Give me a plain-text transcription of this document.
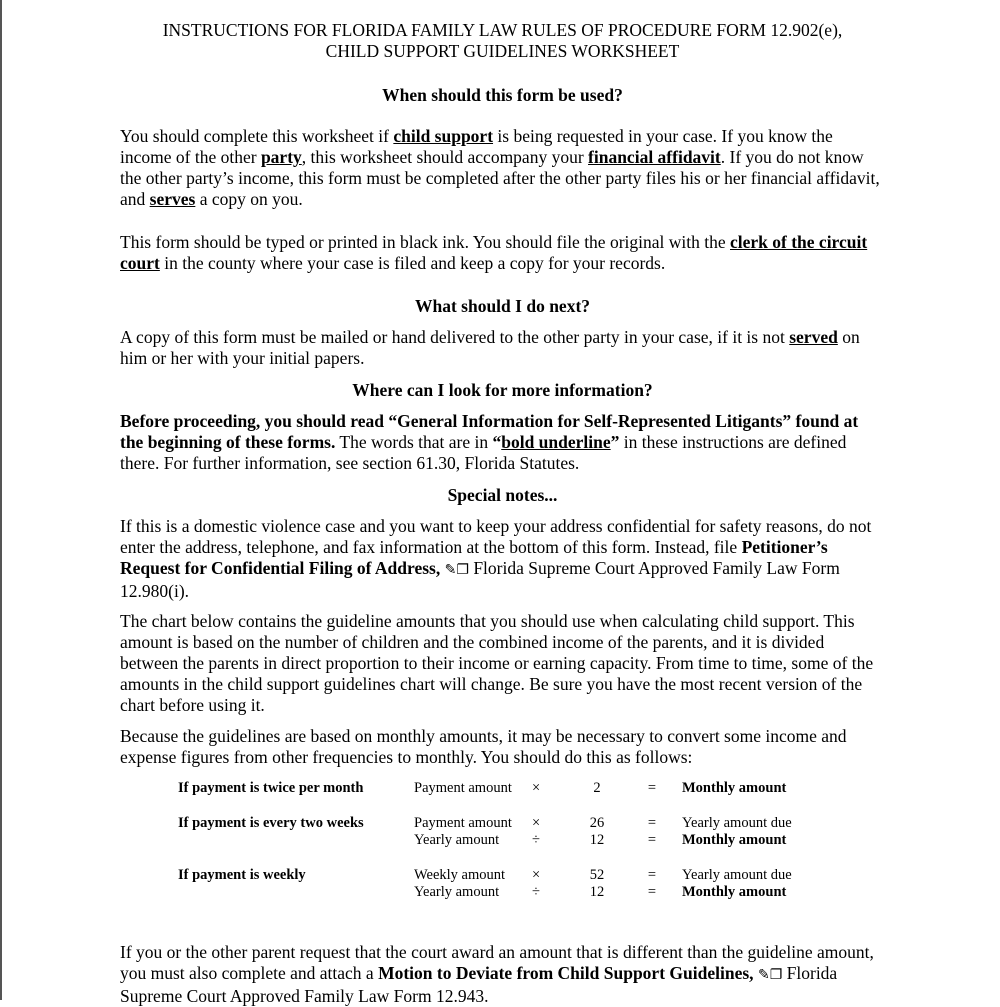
INSTRUCTIONS FOR FLORIDA FAMILY LAW RULES OF PROCEDURE FORM 12.902(e),
CHILD SUPPORT GUIDELINES WORKSHEET
When should this form be used?

You should complete this worksheet if child support is being requested in your case. If you know the income of the other party, this worksheet should accompany your financial affidavit. If you do not know the other party’s income, this form must be completed after the other party files his or her financial affidavit, and serves a copy on you.

This form should be typed or printed in black ink. You should file the original with the clerk of the circuit court in the county where your case is filed and keep a copy for your records.

What should I do next?

A copy of this form must be mailed or hand delivered to the other party in your case, if it is not served on him or her with your initial papers.

Where can I look for more information?

Before proceeding, you should read “General Information for Self-Represented Litigants” found at the beginning of these forms. The words that are in “bold underline” in these instructions are defined there. For further information, see section 61.30, Florida Statutes.

Special notes...

If this is a domestic violence case and you want to keep your address confidential for safety reasons, do not enter the address, telephone, and fax information at the bottom of this form. Instead, file Petitioner’s Request for Confidential Filing of Address, ✎❐ Florida Supreme Court Approved Family Law Form 12.980(i).

The chart below contains the guideline amounts that you should use when calculating child support. This amount is based on the number of children and the combined income of the parents, and it is divided between the parents in direct proportion to their income or earning capacity. From time to time, some of the amounts in the child support guidelines chart will change. Be sure you have the most recent version of the chart before using it.

Because the guidelines are based on monthly amounts, it may be necessary to convert some income and expense figures from other frequencies to monthly. You should do this as follows:

If you or the other parent request that the court award an amount that is different than the guideline amount, you must also complete and attach a Motion to Deviate from Child Support Guidelines, ✎❐ Florida Supreme Court Approved Family Law Form 12.943.

If payment is twice per month	Payment amount	×	2	=	Monthly amount
If payment is every two weeks	Payment amount	×	26	=	Yearly amount due
	Yearly amount	÷	12	=	Monthly amount
If payment is weekly	Weekly amount	×	52	=	Yearly amount due
	Yearly amount	÷	12	=	Monthly amount
